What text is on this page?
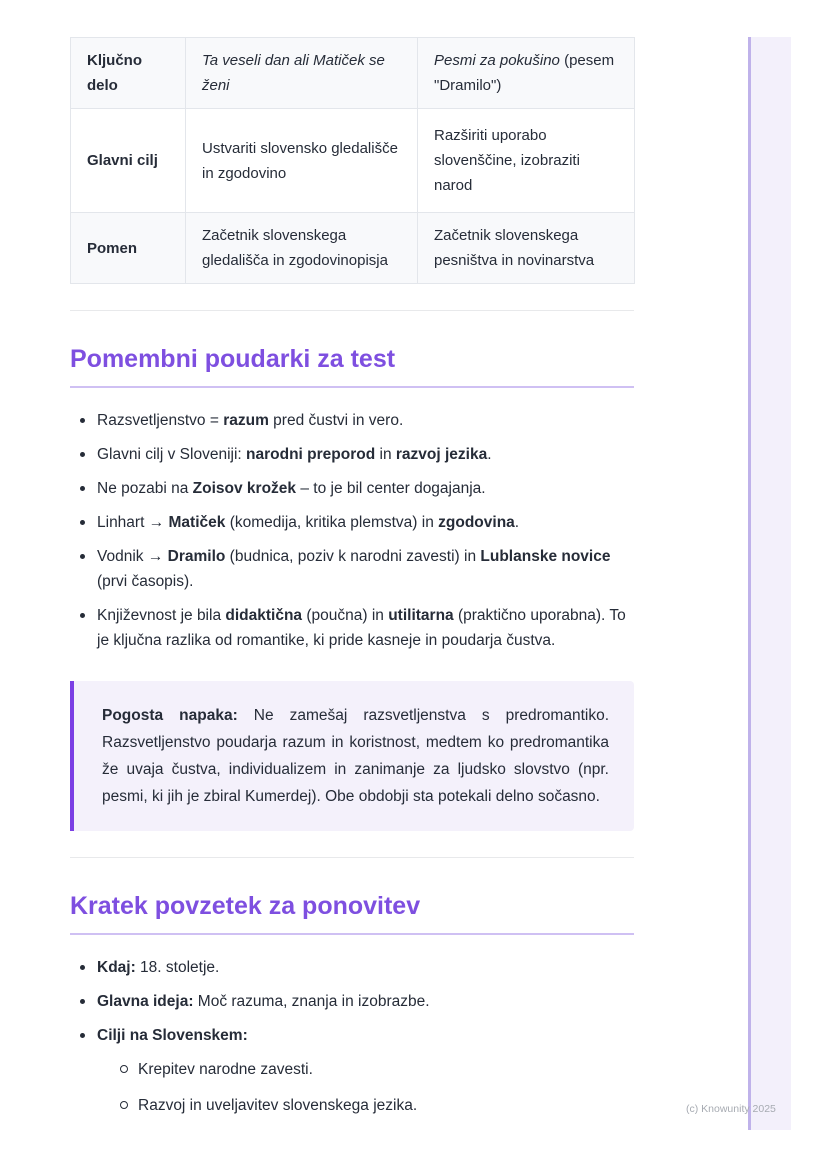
Ključno delo	Ta veseli dan ali Matiček se ženi	Pesmi za pokušino (pesem "Dramilo")
Glavni cilj	Ustvariti slovensko gledališče in zgodovino	Razširiti uporabo slovenščine, izobraziti narod
Pomen	Začetnik slovenskega gledališča in zgodovinopisja	Začetnik slovenskega pesništva in novinarstva
Pomembni poudarki za test
Razsvetljenstvo = razum pred čustvi in vero.
Glavni cilj v Sloveniji: narodni preporod in razvoj jezika.
Ne pozabi na Zoisov krožek – to je bil center dogajanja.
Linhart → Matiček (komedija, kritika plemstva) in zgodovina.
Vodnik → Dramilo (budnica, poziv k narodni zavesti) in Lublanske novice (prvi časopis).
Književnost je bila didaktična (poučna) in utilitarna (praktično uporabna). To je ključna razlika od romantike, ki pride kasneje in poudarja čustva.
Pogosta napaka: Ne zamešaj razsvetljenstva s predromantiko. Razsvetljenstvo poudarja razum in koristnost, medtem ko predromantika že uvaja čustva, individualizem in zanimanje za ljudsko slovstvo (npr. pesmi, ki jih je zbiral Kumerdej). Obe obdobji sta potekali delno sočasno.
Kratek povzetek za ponovitev
Kdaj: 18. stoletje.
Glavna ideja: Moč razuma, znanja in izobrazbe.
Cilji na Slovenskem:
Krepitev narodne zavesti.
Razvoj in uveljavitev slovenskega jezika.	(c) Knowunity 2025
